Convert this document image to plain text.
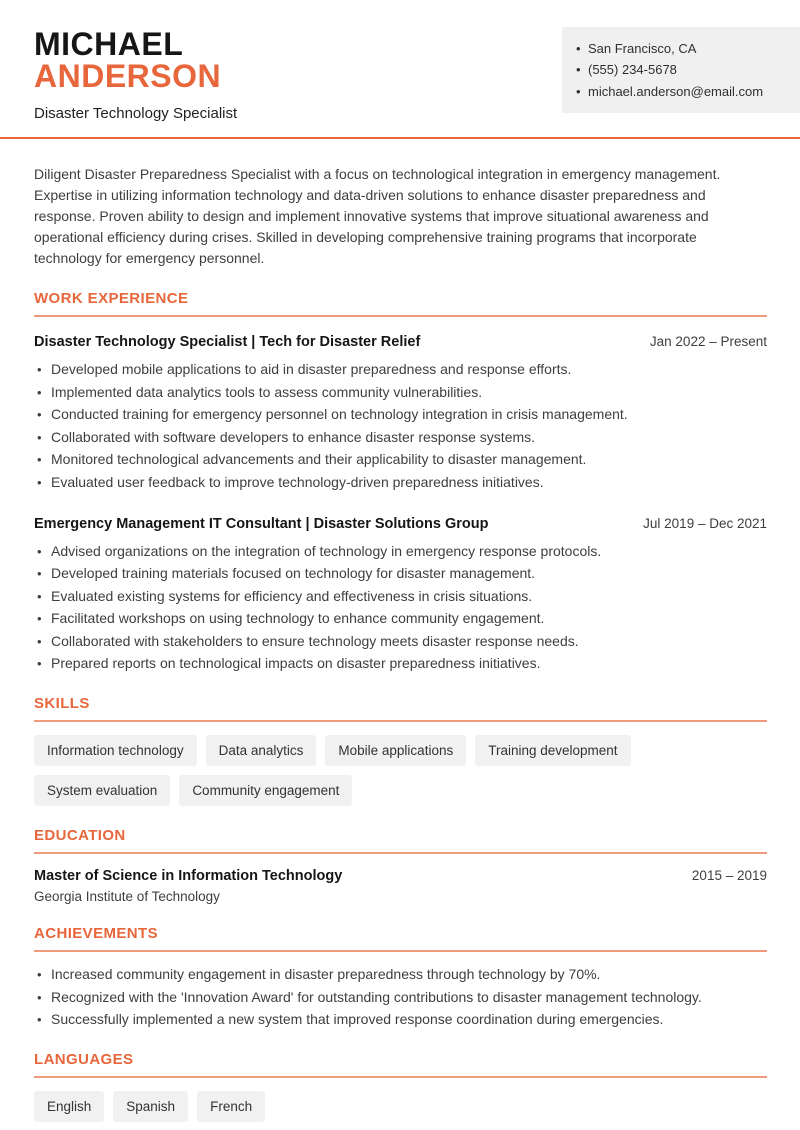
MICHAEL
ANDERSON
Disaster Technology Specialist
• San Francisco, CA
• (555) 234-5678
• michael.anderson@email.com

Diligent Disaster Preparedness Specialist with a focus on technological integration in emergency management. Expertise in utilizing information technology and data-driven solutions to enhance disaster preparedness and response. Proven ability to design and implement innovative systems that improve situational awareness and operational efficiency during crises. Skilled in developing comprehensive training programs that incorporate technology for emergency personnel.

WORK EXPERIENCE
Disaster Technology Specialist | Tech for Disaster Relief	Jan 2022 – Present
• Developed mobile applications to aid in disaster preparedness and response efforts.
• Implemented data analytics tools to assess community vulnerabilities.
• Conducted training for emergency personnel on technology integration in crisis management.
• Collaborated with software developers to enhance disaster response systems.
• Monitored technological advancements and their applicability to disaster management.
• Evaluated user feedback to improve technology-driven preparedness initiatives.
Emergency Management IT Consultant | Disaster Solutions Group	Jul 2019 – Dec 2021
• Advised organizations on the integration of technology in emergency response protocols.
• Developed training materials focused on technology for disaster management.
• Evaluated existing systems for efficiency and effectiveness in crisis situations.
• Facilitated workshops on using technology to enhance community engagement.
• Collaborated with stakeholders to ensure technology meets disaster response needs.
• Prepared reports on technological impacts on disaster preparedness initiatives.
SKILLS
Information technology	Data analytics	Mobile applications	Training development
System evaluation	Community engagement
EDUCATION
Master of Science in Information Technology	2015 – 2019
Georgia Institute of Technology
ACHIEVEMENTS
• Increased community engagement in disaster preparedness through technology by 70%.
• Recognized with the 'Innovation Award' for outstanding contributions to disaster management technology.
• Successfully implemented a new system that improved response coordination during emergencies.
LANGUAGES
English	Spanish	French
